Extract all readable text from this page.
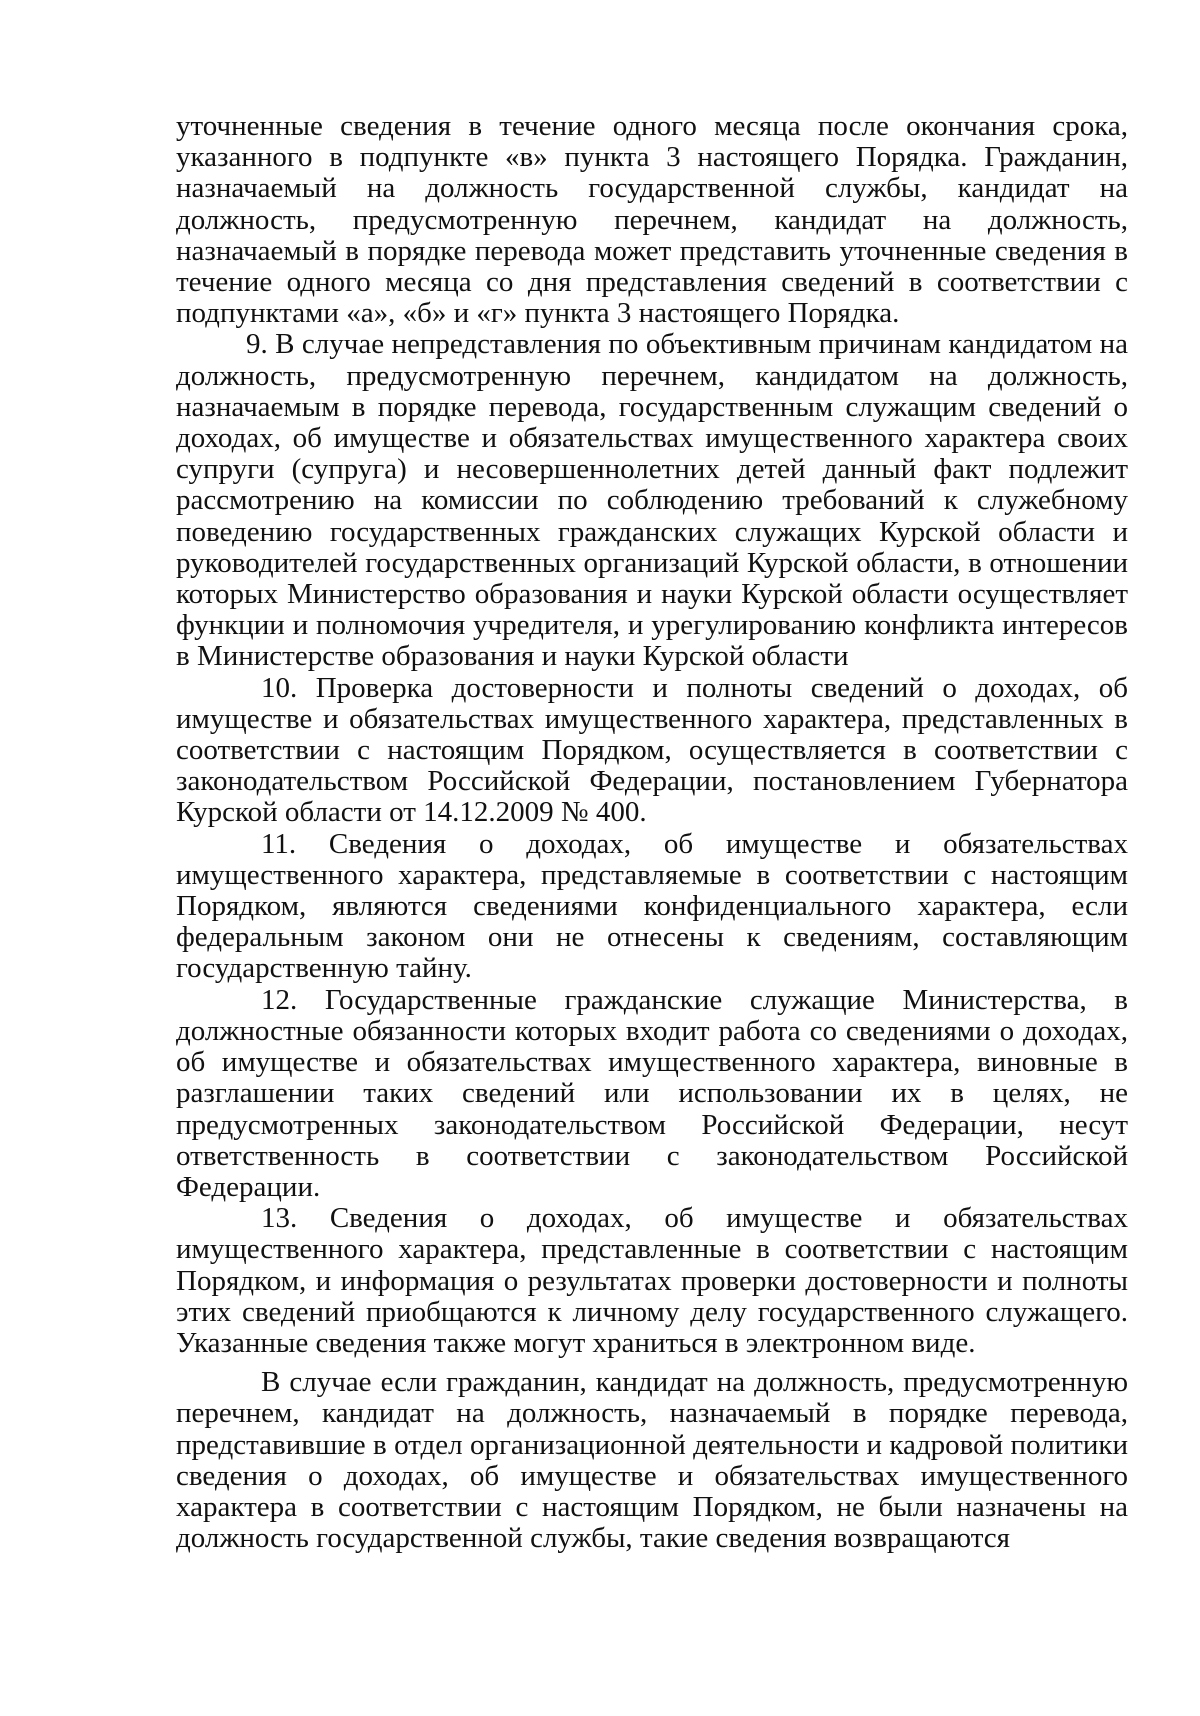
уточненные сведения в течение одного месяца после окончания срока, указанного в подпункте «в» пункта 3 настоящего Порядка. Гражданин, назначаемый на должность государственной службы, кандидат на должность, предусмотренную перечнем, кандидат на должность, назначаемый в порядке перевода может представить уточненные сведения в течение одного месяца со дня представления сведений в соответствии с подпунктами «а», «б» и «г» пункта 3 настоящего Порядка.

9. В случае непредставления по объективным причинам кандидатом на должность, предусмотренную перечнем, кандидатом на должность, назначаемым в порядке перевода, государственным служащим сведений о доходах, об имуществе и обязательствах имущественного характера своих супруги (супруга) и несовершеннолетних детей данный факт подлежит рассмотрению на комиссии по соблюдению требований к служебному поведению государственных гражданских служащих Курской области и руководителей государственных организаций Курской области, в отношении которых Министерство образования и науки Курской области осуществляет функции и полномочия учредителя, и урегулированию конфликта интересов в Министерстве образования и науки Курской области

10. Проверка достоверности и полноты сведений о доходах, об имуществе и обязательствах имущественного характера, представленных в соответствии с настоящим Порядком, осуществляется в соответствии с законодательством Российской Федерации, постановлением Губернатора Курской области от 14.12.2009 № 400.

11. Сведения о доходах, об имуществе и обязательствах имущественного характера, представляемые в соответствии с настоящим Порядком, являются сведениями конфиденциального характера, если федеральным законом они не отнесены к сведениям, составляющим государственную тайну.

12. Государственные гражданские служащие Министерства, в должностные обязанности которых входит работа со сведениями о доходах, об имуществе и обязательствах имущественного характера, виновные в разглашении таких сведений или использовании их в целях, не предусмотренных законодательством Российской Федерации, несут ответственность в соответствии с законодательством Российской Федерации.

13. Сведения о доходах, об имуществе и обязательствах имущественного характера, представленные в соответствии с настоящим Порядком, и информация о результатах проверки достоверности и полноты этих сведений приобщаются к личному делу государственного служащего. Указанные сведения также могут храниться в электронном виде.

В случае если гражданин, кандидат на должность, предусмотренную перечнем, кандидат на должность, назначаемый в порядке перевода, представившие в отдел организационной деятельности и кадровой политики сведения о доходах, об имуществе и обязательствах имущественного характера в соответствии с настоящим Порядком, не были назначены на должность государственной службы, такие сведения возвращаются
